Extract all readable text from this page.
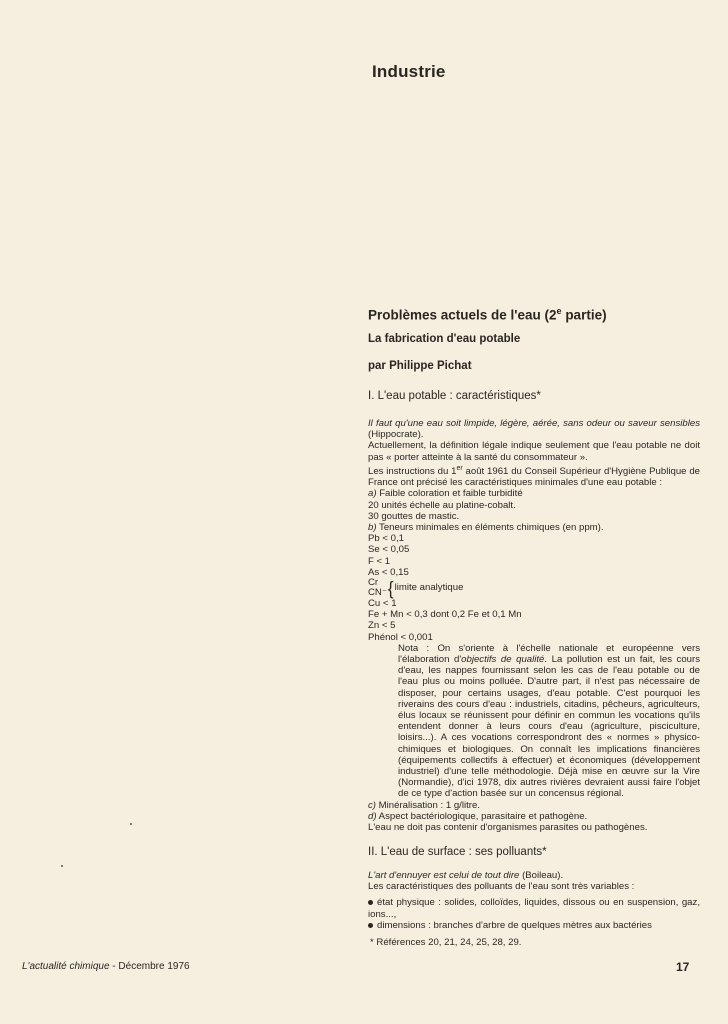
Industrie
Problèmes actuels de l'eau (2e partie)
La fabrication d'eau potable
par Philippe Pichat
I. L'eau potable : caractéristiques*

Il faut qu'une eau soit limpide, légère, aérée, sans odeur ou saveur sensibles (Hippocrate).

Actuellement, la définition légale indique seulement que l'eau potable ne doit pas « porter atteinte à la santé du consommateur ».

Les instructions du 1er août 1961 du Conseil Supérieur d'Hygiène Publique de France ont précisé les caractéristiques minimales d'une eau potable :

a) Faible coloration et faible turbidité

20 unités échelle au platine-cobalt.

30 gouttes de mastic.

b) Teneurs minimales en éléments chimiques (en ppm).

Pb < 0,1

Se < 0,05

F < 1

As < 0,15

Cr
CN⁻ { limite analytique

Cu < 1

Fe + Mn < 0,3 dont 0,2 Fe et 0,1 Mn

Zn < 5

Phénol < 0,001

Nota : On s'oriente à l'échelle nationale et européenne vers l'élaboration d'objectifs de qualité. La pollution est un fait, les cours d'eau, les nappes fournissant selon les cas de l'eau potable ou de l'eau plus ou moins polluée. D'autre part, il n'est pas nécessaire de disposer, pour certains usages, d'eau potable. C'est pourquoi les riverains des cours d'eau : industriels, citadins, pêcheurs, agriculteurs, élus locaux se réunissent pour définir en commun les vocations qu'ils entendent donner à leurs cours d'eau (agriculture, pisciculture, loisirs...). A ces vocations correspondront des « normes » physico-chimiques et biologiques. On connaît les implications financières (équipements collectifs à effectuer) et économiques (développement industriel) d'une telle méthodologie. Déjà mise en œuvre sur la Vire (Normandie), d'ici 1978, dix autres rivières devraient aussi faire l'objet de ce type d'action basée sur un concensus régional.

c) Minéralisation : 1 g/litre.

d) Aspect bactériologique, parasitaire et pathogène.

L'eau ne doit pas contenir d'organismes parasites ou pathogènes.

II. L'eau de surface : ses polluants*

L'art d'ennuyer est celui de tout dire (Boileau).

Les caractéristiques des polluants de l'eau sont très variables :

état physique : solides, colloïdes, liquides, dissous ou en suspension, gaz, ions...,

dimensions : branches d'arbre de quelques mètres aux bactéries

* Références 20, 21, 24, 25, 28, 29.

L'actualité chimique - Décembre 1976	17
